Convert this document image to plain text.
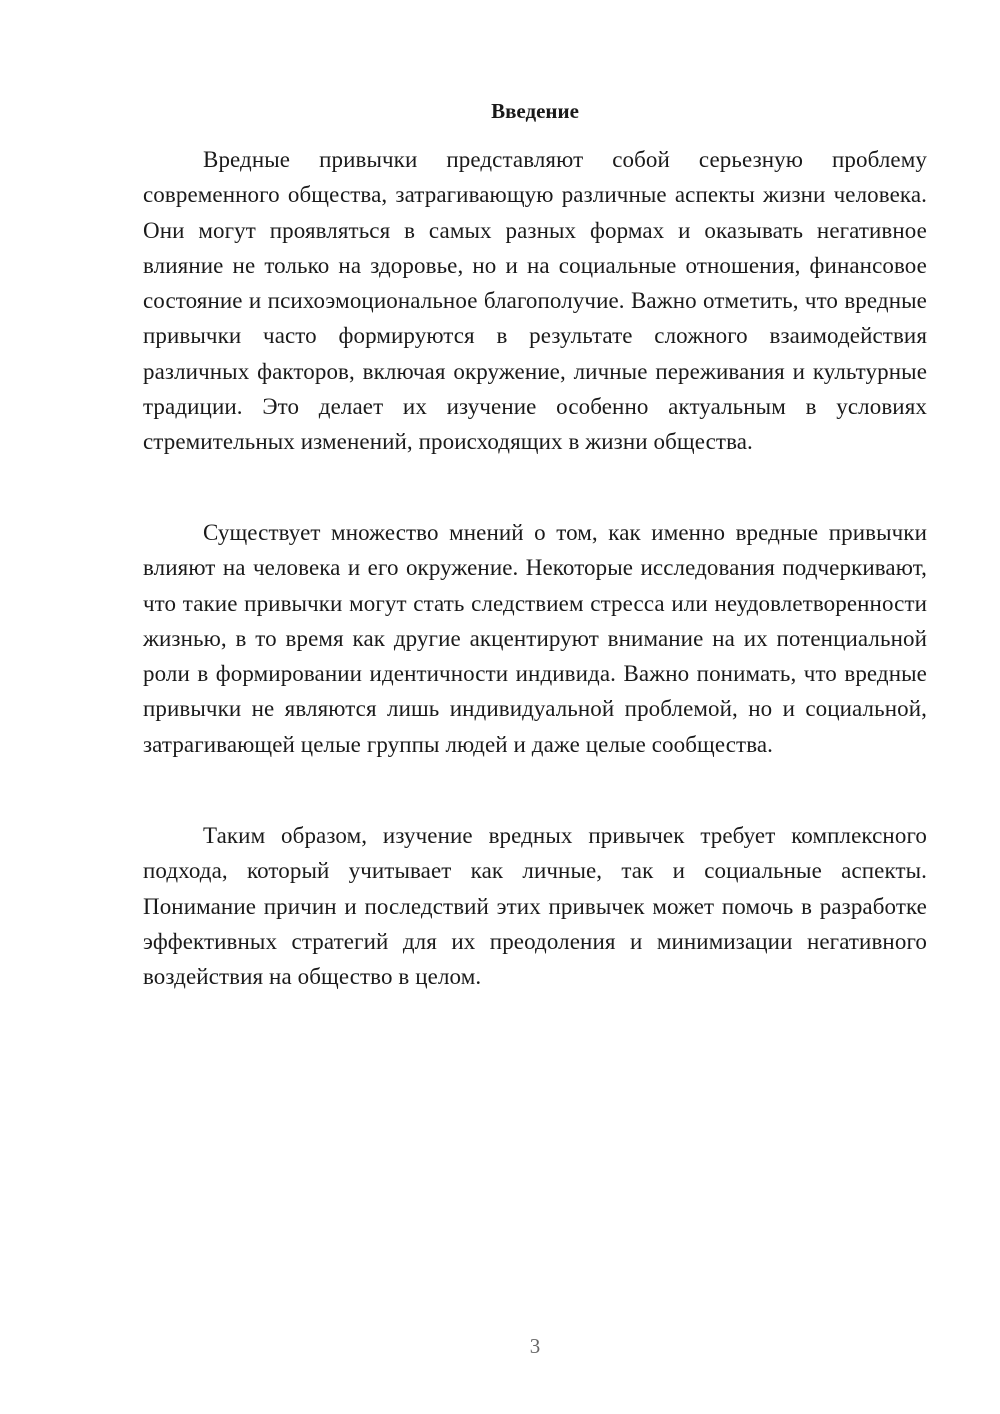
Введение

Вредные привычки представляют собой серьезную проблему современного общества, затрагивающую различные аспекты жизни человека. Они могут проявляться в самых разных формах и оказывать негативное влияние не только на здоровье, но и на социальные отношения, финансовое состояние и психоэмоциональное благополучие. Важно отметить, что вредные привычки часто формируются в результате сложного взаимодействия различных факторов, включая окружение, личные переживания и культурные традиции. Это делает их изучение особенно актуальным в условиях стремительных изменений, происходящих в жизни общества.

Существует множество мнений о том, как именно вредные привычки влияют на человека и его окружение. Некоторые исследования подчеркивают, что такие привычки могут стать следствием стресса или неудовлетворенности жизнью, в то время как другие акцентируют внимание на их потенциальной роли в формировании идентичности индивида. Важно понимать, что вредные привычки не являются лишь индивидуальной проблемой, но и социальной, затрагивающей целые группы людей и даже целые сообщества.

Таким образом, изучение вредных привычек требует комплексного подхода, который учитывает как личные, так и социальные аспекты. Понимание причин и последствий этих привычек может помочь в разработке эффективных стратегий для их преодоления и минимизации негативного воздействия на общество в целом.

3
